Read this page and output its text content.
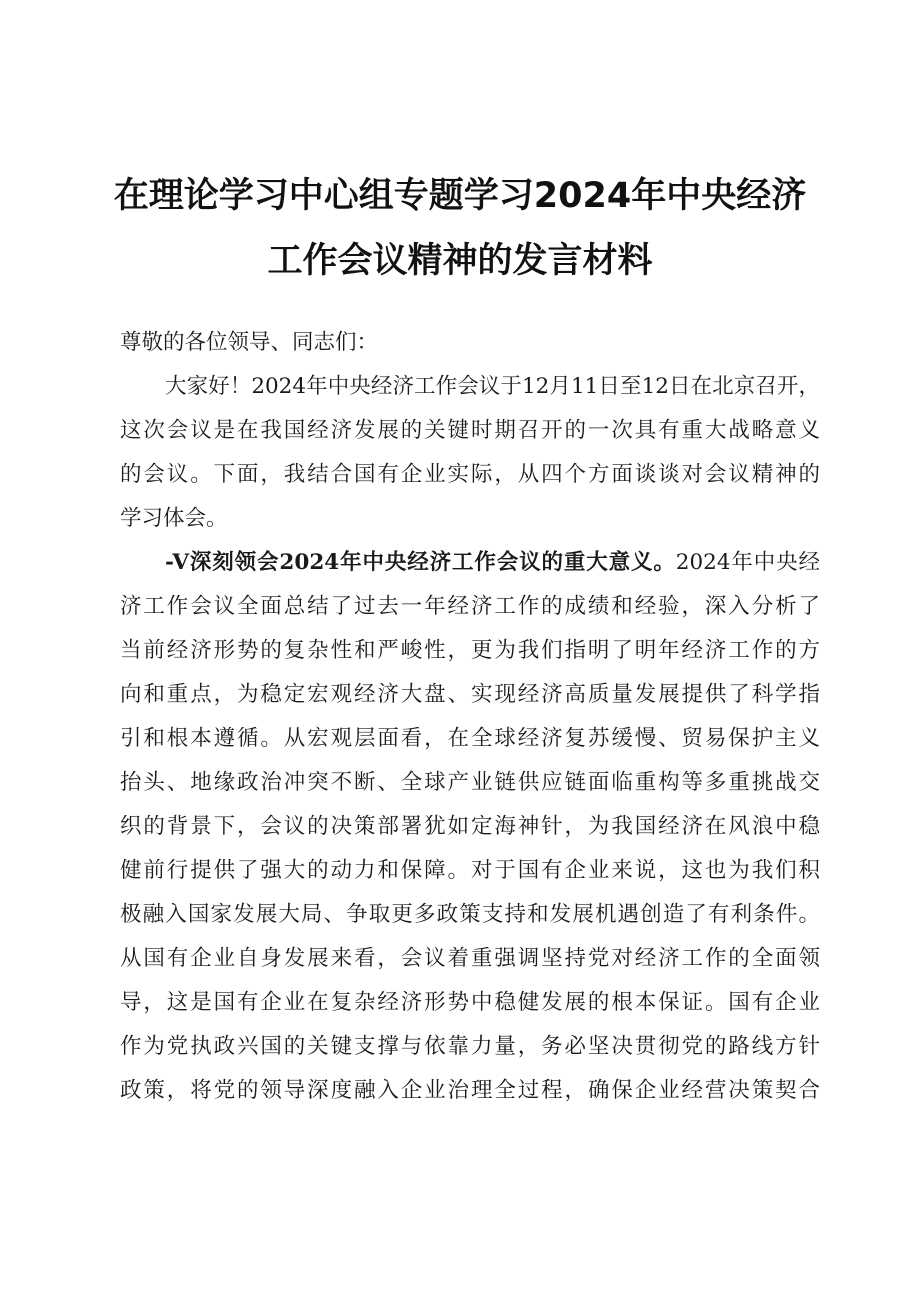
在理论学习中心组专题学习2024年中央经济
工作会议精神的发言材料
尊敬的各位领导、同志们：
大家好！2024年中央经济工作会议于12月11日至12日在北京召开，
这次会议是在我国经济发展的关键时期召开的一次具有重大战略意义
的会议。下面，我结合国有企业实际，从四个方面谈谈对会议精神的
学习体会。
-V深刻领会2024年中央经济工作会议的重大意义。2024年中央经
济工作会议全面总结了过去一年经济工作的成绩和经验，深入分析了
当前经济形势的复杂性和严峻性，更为我们指明了明年经济工作的方
向和重点，为稳定宏观经济大盘、实现经济高质量发展提供了科学指
引和根本遵循。从宏观层面看，在全球经济复苏缓慢、贸易保护主义
抬头、地缘政治冲突不断、全球产业链供应链面临重构等多重挑战交
织的背景下，会议的决策部署犹如定海神针，为我国经济在风浪中稳
健前行提供了强大的动力和保障。对于国有企业来说，这也为我们积
极融入国家发展大局、争取更多政策支持和发展机遇创造了有利条件。
从国有企业自身发展来看，会议着重强调坚持党对经济工作的全面领
导，这是国有企业在复杂经济形势中稳健发展的根本保证。国有企业
作为党执政兴国的关键支撑与依靠力量，务必坚决贯彻党的路线方针
政策，将党的领导深度融入企业治理全过程，确保企业经营决策契合
